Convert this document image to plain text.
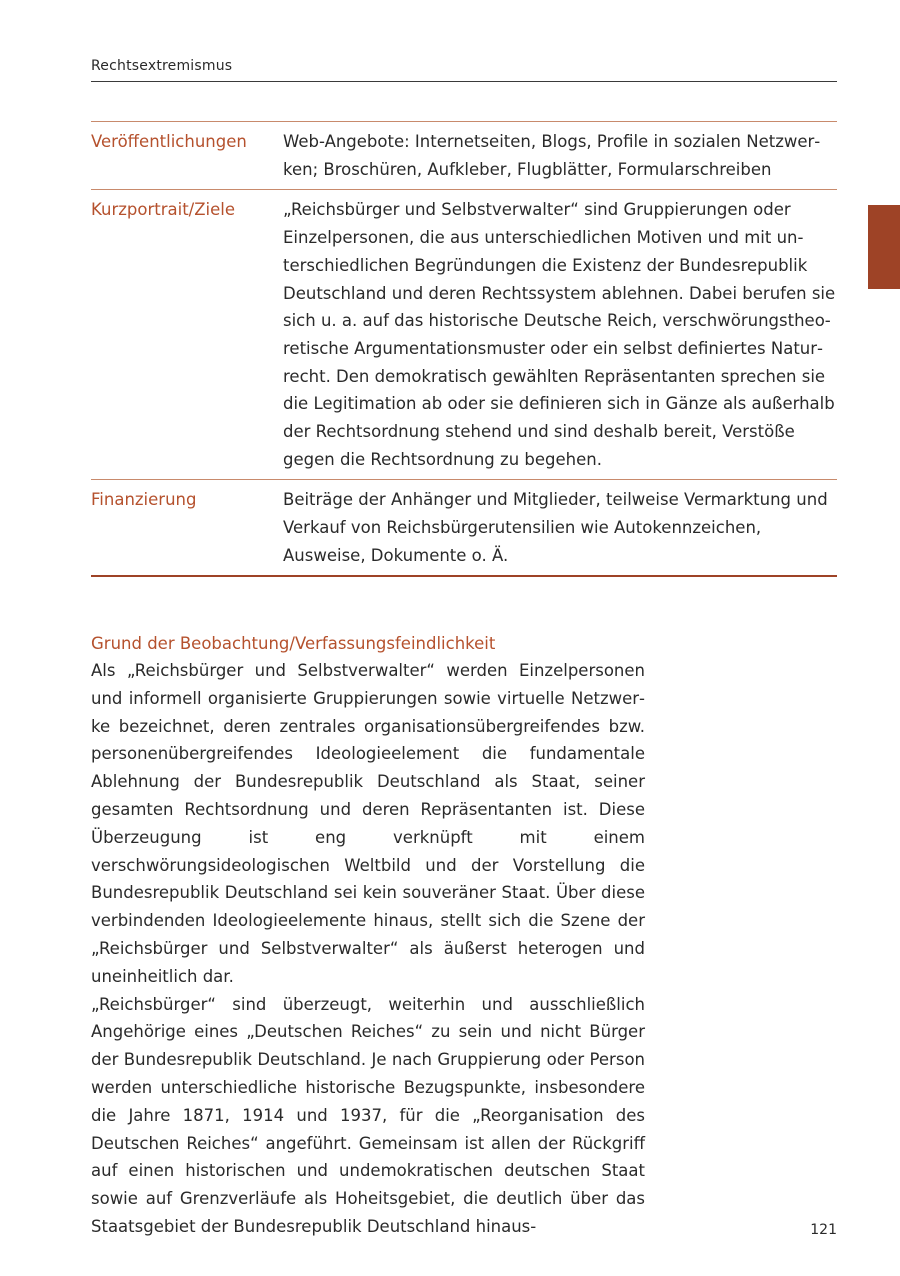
Rechtsextremismus
Veröffentlichungen	Web-Angebote: Internetseiten, Blogs, Profile in sozialen Netzwerken; Broschüren, Aufkleber, Flugblätter, Formularschreiben
Kurzportrait/Ziele	„Reichsbürger und Selbstverwalter“ sind Gruppierungen oder Einzelpersonen, die aus unterschiedlichen Motiven und mit unterschiedlichen Begründungen die Existenz der Bundesrepublik Deutschland und deren Rechtssystem ablehnen. Dabei berufen sie sich u. a. auf das historische Deutsche Reich, verschwörungstheoretische Argumentationsmuster oder ein selbst definiertes Naturrecht. Den demokratisch gewählten Repräsentanten sprechen sie die Legitimation ab oder sie definieren sich in Gänze als außerhalb der Rechtsordnung stehend und sind deshalb bereit, Verstöße gegen die Rechtsordnung zu begehen.
Finanzierung	Beiträge der Anhänger und Mitglieder, teilweise Vermarktung und Verkauf von Reichsbürgerutensilien wie Autokennzeichen, Ausweise, Dokumente o. Ä.
Grund der Beobachtung/Verfassungsfeindlichkeit

Als „Reichsbürger und Selbstverwalter“ werden Einzelpersonen und informell organisierte Gruppierungen sowie virtuelle Netzwerke bezeichnet, deren zentrales organisationsübergreifendes bzw. personenübergreifendes Ideologieelement die fundamentale Ablehnung der Bundesrepublik Deutschland als Staat, seiner gesamten Rechtsordnung und deren Repräsentanten ist. Diese Überzeugung ist eng verknüpft mit einem verschwörungsideologischen Weltbild und der Vorstellung die Bundesrepublik Deutschland sei kein souveräner Staat. Über diese verbindenden Ideologieelemente hinaus, stellt sich die Szene der „Reichsbürger und Selbstverwalter“ als äußerst heterogen und uneinheitlich dar.

„Reichsbürger“ sind überzeugt, weiterhin und ausschließlich Angehörige eines „Deutschen Reiches“ zu sein und nicht Bürger der Bundesrepublik Deutschland. Je nach Gruppierung oder Person werden unterschiedliche historische Bezugspunkte, insbesondere die Jahre 1871, 1914 und 1937, für die „Reorganisation des Deutschen Reiches“ angeführt. Gemeinsam ist allen der Rückgriff auf einen historischen und undemokratischen deutschen Staat sowie auf Grenzverläufe als Hoheitsgebiet, die deutlich über das Staatsgebiet der Bundesrepublik Deutschland hinaus-	121
